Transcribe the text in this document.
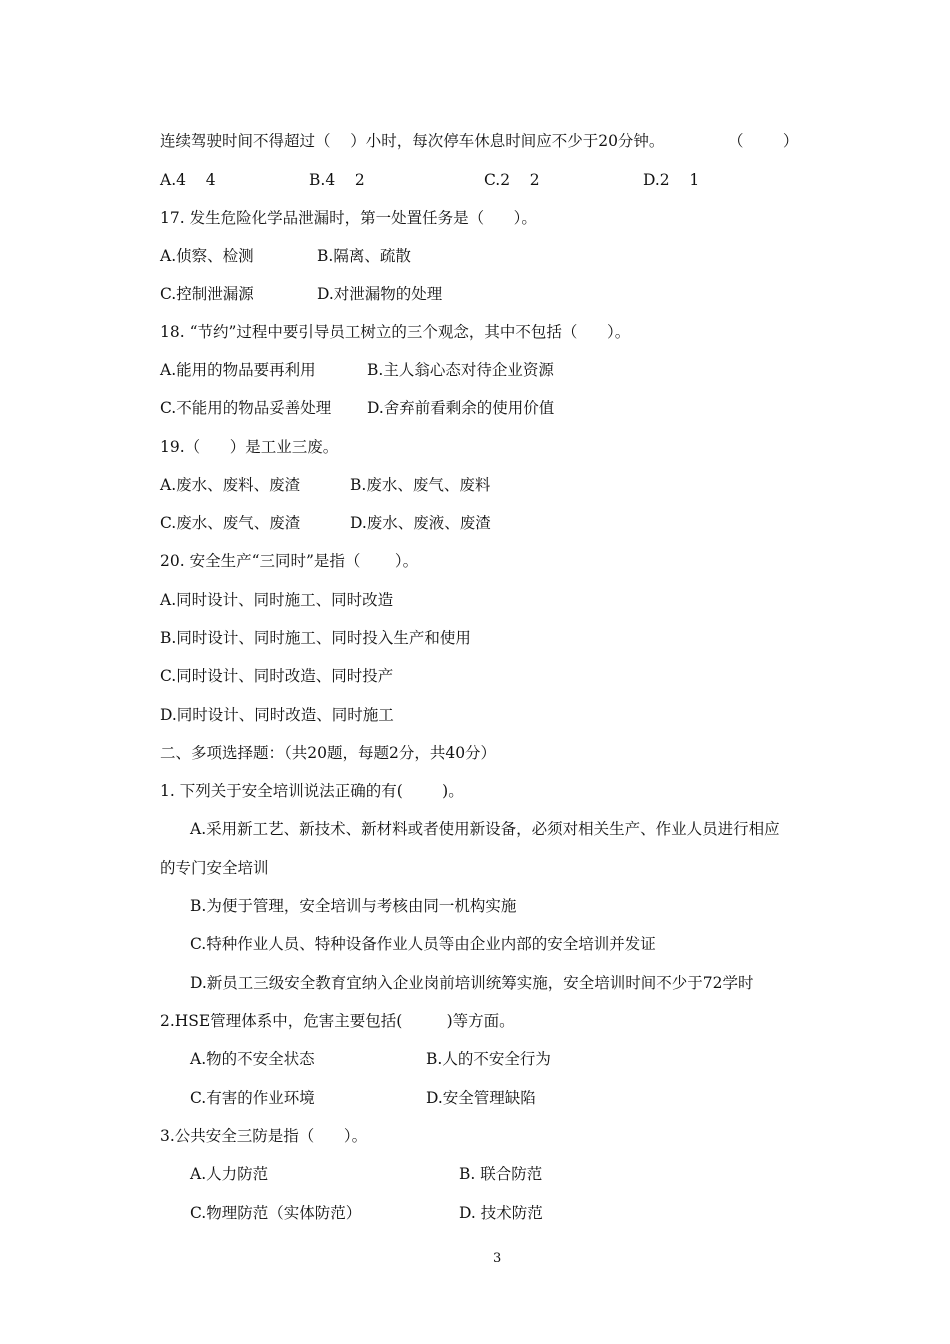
连续驾驶时间不得超过（    ）小时，每次停车休息时间应不少于20分钟。	（        ）
A.4    4	B.4    2	C.2    2	D.2    1
17. 发生危险化学品泄漏时，第一处置任务是（      ）。
A.侦察、检测	B.隔离、疏散
C.控制泄漏源	D.对泄漏物的处理
18. “节约”过程中要引导员工树立的三个观念，其中不包括（      ）。
A.能用的物品要再利用	B.主人翁心态对待企业资源
C.不能用的物品妥善处理 D.舍弃前看剩余的使用价值
19.（      ）是工业三废。
A.废水、废料、废渣	B.废水、废气、废料
C.废水、废气、废渣	D.废水、废液、废渣
20. 安全生产“三同时”是指（       ）。
A.同时设计、同时施工、同时改造
B.同时设计、同时施工、同时投入生产和使用
C.同时设计、同时改造、同时投产
D.同时设计、同时改造、同时施工
二、多项选择题：（共20题，每题2分，共40分）
1. 下列关于安全培训说法正确的有(        )。
A.采用新工艺、新技术、新材料或者使用新设备，必须对相关生产、作业人员进行相应
的专门安全培训
B.为便于管理，安全培训与考核由同一机构实施
C.特种作业人员、特种设备作业人员等由企业内部的安全培训并发证
D.新员工三级安全教育宜纳入企业岗前培训统筹实施，安全培训时间不少于72学时
2.HSE管理体系中，危害主要包括(         )等方面。
A.物的不安全状态	B.人的不安全行为
C.有害的作业环境	D.安全管理缺陷
3.公共安全三防是指（      ）。
A.人力防范	B. 联合防范
C.物理防范（实体防范）	D. 技术防范
3
